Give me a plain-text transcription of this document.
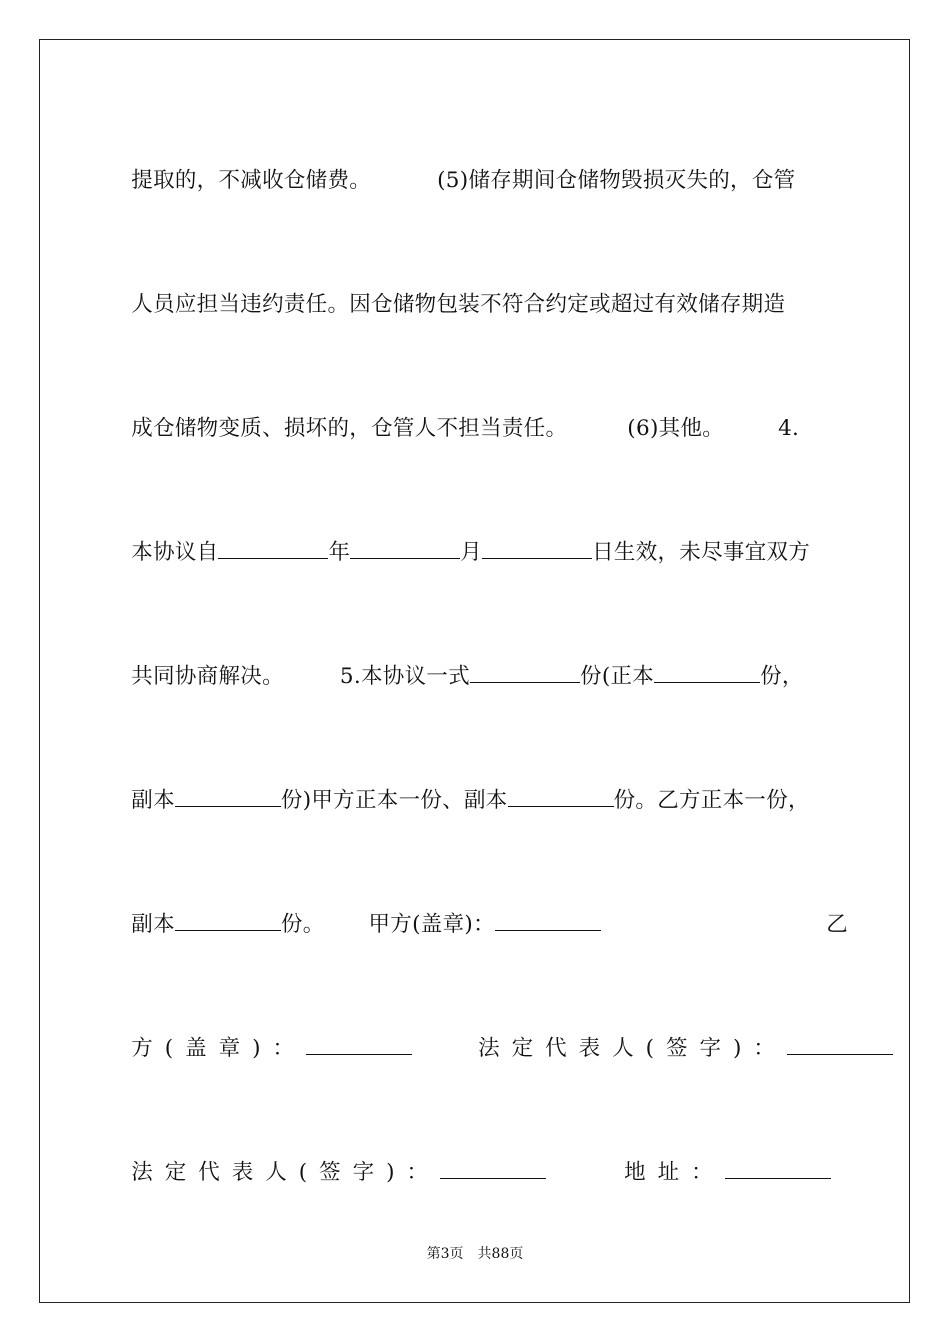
提取的，不减收仓储费。	(5)储存期间仓储物毁损灭失的，仓管

人员应担当违约责任。因仓储物包装不符合约定或超过有效储存期造

成仓储物变质、损坏的，仓管人不担当责任。	(6)其他。	4.

本协议自	年	月	日生效，未尽事宜双方

共同协商解决。	5.本协议一式	份(正本	份，

副本	份)甲方正本一份、副本	份。乙方正本一份，

副本	份。 甲方(盖章)：	乙

方(盖章)：	法定代表人(签字)：

法定代表人(签字)：	地址：

第3页 共88页
